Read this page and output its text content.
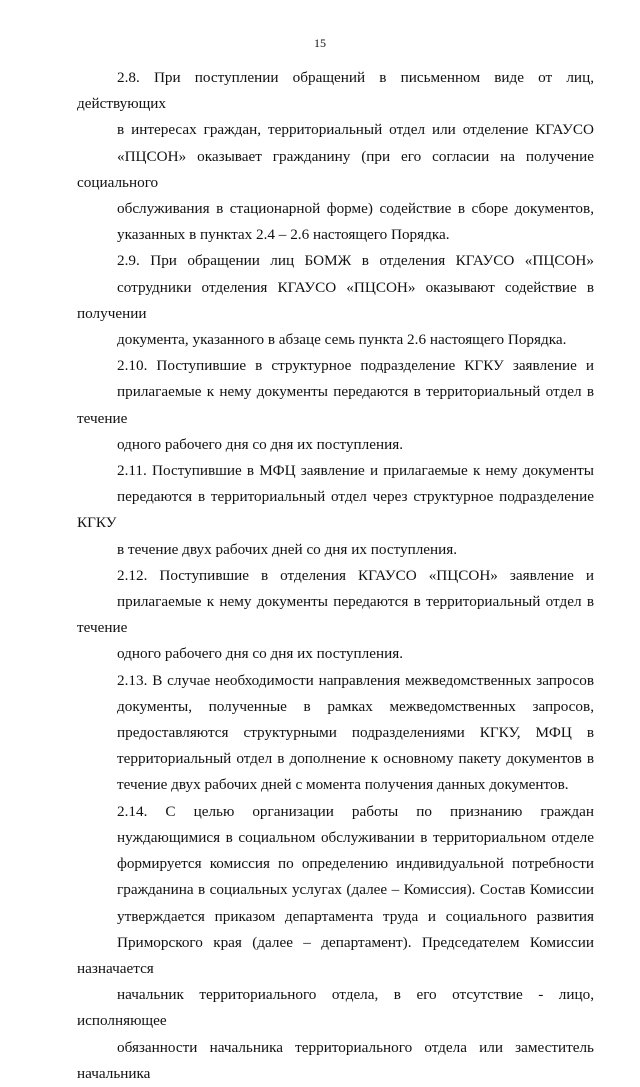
15
2.8. При поступлении обращений в письменном виде от лиц, действующих
в интересах граждан, территориальный отдел или отделение КГАУСО
«ПЦСОН» оказывает гражданину (при его согласии на получение социального
обслуживания в стационарной форме) содействие в сборе документов,
указанных в пунктах 2.4 – 2.6 настоящего Порядка.
2.9. При обращении лиц БОМЖ в отделения КГАУСО «ПЦСОН»
сотрудники отделения КГАУСО «ПЦСОН» оказывают содействие в получении
документа, указанного в абзаце семь пункта 2.6 настоящего Порядка.
2.10. Поступившие в структурное подразделение КГКУ заявление и
прилагаемые к нему документы передаются в территориальный отдел в течение
одного рабочего дня со дня их поступления.
2.11. Поступившие в МФЦ заявление и прилагаемые к нему документы
передаются в территориальный отдел через структурное подразделение КГКУ
в течение двух рабочих дней со дня их поступления.
2.12. Поступившие в отделения КГАУСО «ПЦСОН» заявление и
прилагаемые к нему документы передаются в территориальный отдел в течение
одного рабочего дня со дня их поступления.
2.13. В случае необходимости направления межведомственных запросов
документы, полученные в рамках межведомственных запросов,
предоставляются структурными подразделениями КГКУ, МФЦ в
территориальный отдел в дополнение к основному пакету документов в
течение двух рабочих дней с момента получения данных документов.
2.14. С целью организации работы по признанию граждан
нуждающимися в социальном обслуживании в территориальном отделе
формируется комиссия по определению индивидуальной потребности
гражданина в социальных услугах (далее – Комиссия). Состав Комиссии
утверждается приказом департамента труда и социального развития
Приморского края (далее – департамент). Председателем Комиссии назначается
начальник территориального отдела, в его отсутствие - лицо, исполняющее
обязанности начальника территориального отдела или заместитель начальника
